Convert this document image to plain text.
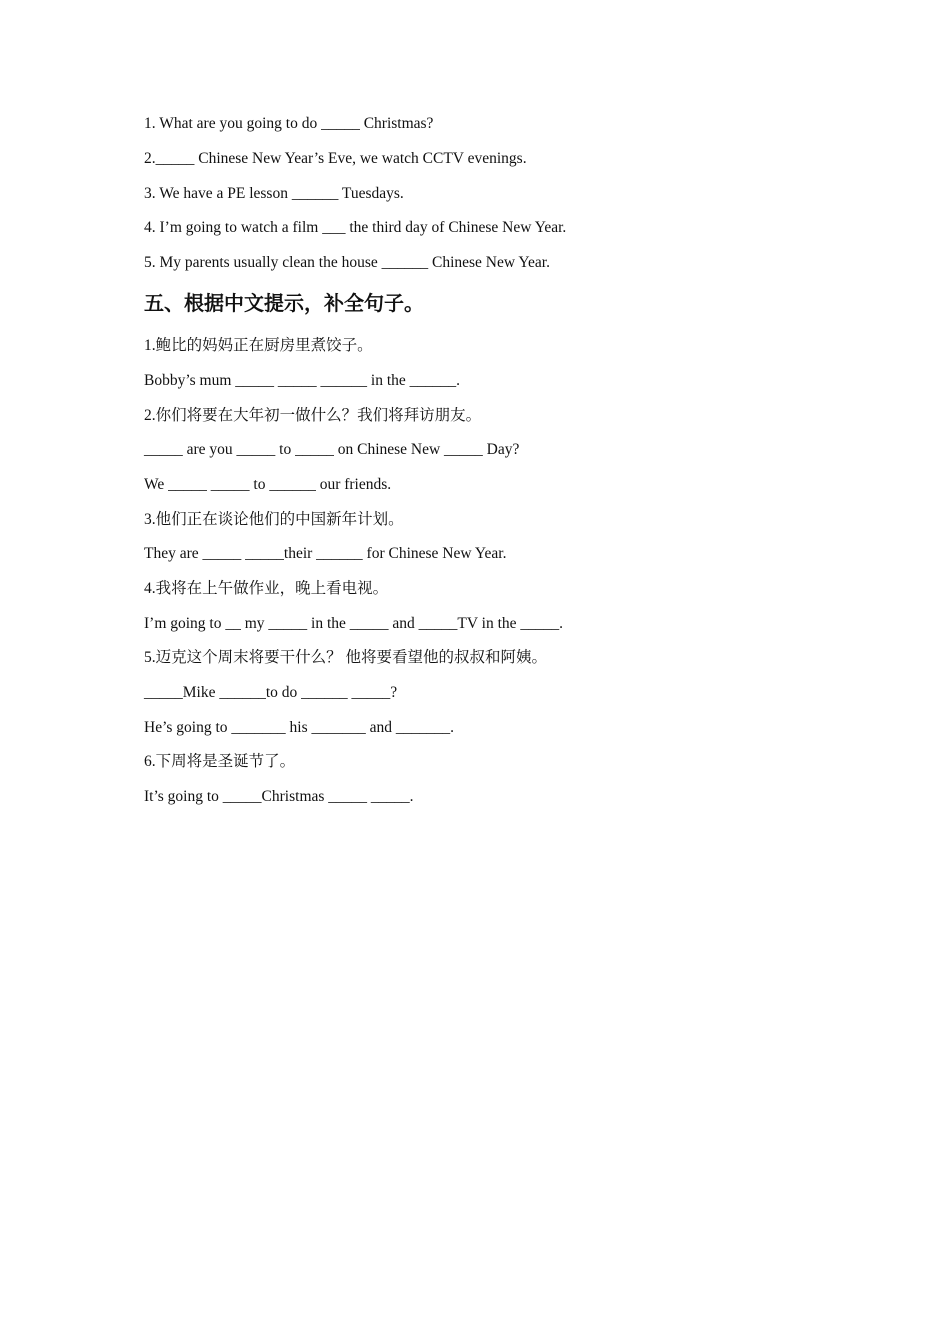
1. What are you going to do _____ Christmas?

2._____ Chinese New Year’s Eve, we watch CCTV evenings.

3. We have a PE lesson ______ Tuesdays.

4. I’m going to watch a film ___ the third day of Chinese New Year.

5. My parents usually clean the house ______ Chinese New Year.

五、根据中文提示，补全句子。

1.鲍比的妈妈正在厨房里煮饺子。

Bobby’s mum _____ _____ ______ in the ______.

2.你们将要在大年初一做什么？我们将拜访朋友。

_____ are you _____ to _____ on Chinese New _____ Day?

We _____ _____ to ______ our friends.

3.他们正在谈论他们的中国新年计划。

They are _____ _____their ______ for Chinese New Year.

4.我将在上午做作业，晚上看电视。

I’m going to __ my _____ in the _____ and _____TV in the _____.

5.迈克这个周末将要干什么？ 他将要看望他的叔叔和阿姨。

_____Mike ______to do ______ _____?

He’s going to _______ his _______ and _______.

6.下周将是圣诞节了。

It’s going to _____Christmas _____ _____.
